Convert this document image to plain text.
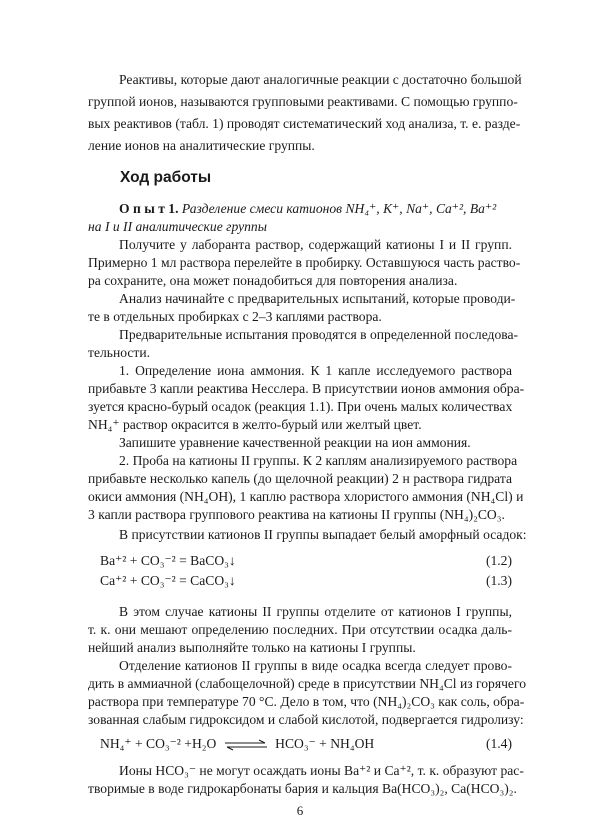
Реактивы, которые дают аналогичные реакции с достаточно большой
группой ионов, называются групповыми реактивами. С помощью группо-
вых реактивов (табл. 1) проводят систематический ход анализа, т. е. разде-
ление ионов на аналитические группы.
Ход работы
О п ы т 1. Разделение смеси катионов NH₄⁺, K⁺, Na⁺, Ca⁺², Ba⁺²
на I и II аналитические группы
Получите у лаборанта раствор, содержащий катионы I и II групп.
Примерно 1 мл раствора перелейте в пробирку. Оставшуюся часть раство-
ра сохраните, она может понадобиться для повторения анализа.
Анализ начинайте с предварительных испытаний, которые проводи-
те в отдельных пробирках с 2–3 каплями раствора.
Предварительные испытания проводятся в определенной последова-
тельности.
1. Определение иона аммония. К 1 капле исследуемого раствора
прибавьте 3 капли реактива Несслера. В присутствии ионов аммония обра-
зуется красно-бурый осадок (реакция 1.1). При очень малых количествах
NH₄⁺ раствор окрасится в желто-бурый или желтый цвет.
Запишите уравнение качественной реакции на ион аммония.
2. Проба на катионы II группы. К 2 каплям анализируемого раствора
прибавьте несколько капель (до щелочной реакции) 2 н раствора гидрата
окиси аммония (NH₄OH), 1 каплю раствора хлористого аммония (NH₄Cl) и
3 капли раствора группового реактива на катионы II группы (NH₄)₂CO₃.
В присутствии катионов II группы выпадает белый аморфный осадок:
Ba⁺² + CO₃⁻² = BaCO₃↓	(1.2)
Ca⁺² + CO₃⁻² = CaCO₃↓	(1.3)
В этом случае катионы II группы отделите от катионов I группы,
т. к. они мешают определению последних. При отсутствии осадка даль-
нейший анализ выполняйте только на катионы I группы.
Отделение катионов II группы в виде осадка всегда следует прово-
дить в аммиачной (слабощелочной) среде в присутствии NH₄Cl из горячего
раствора при температуре 70 °C. Дело в том, что (NH₄)₂CO₃ как соль, обра-
зованная слабым гидроксидом и слабой кислотой, подвергается гидролизу:
NH₄⁺ + CO₃⁻² +H₂O ⇌ HCO₃⁻ + NH₄OH	(1.4)
Ионы HCO₃⁻ не могут осаждать ионы Ba⁺² и Ca⁺², т. к. образуют рас-
творимые в воде гидрокарбонаты бария и кальция Ba(HCO₃)₂, Ca(HCO₃)₂.
6
